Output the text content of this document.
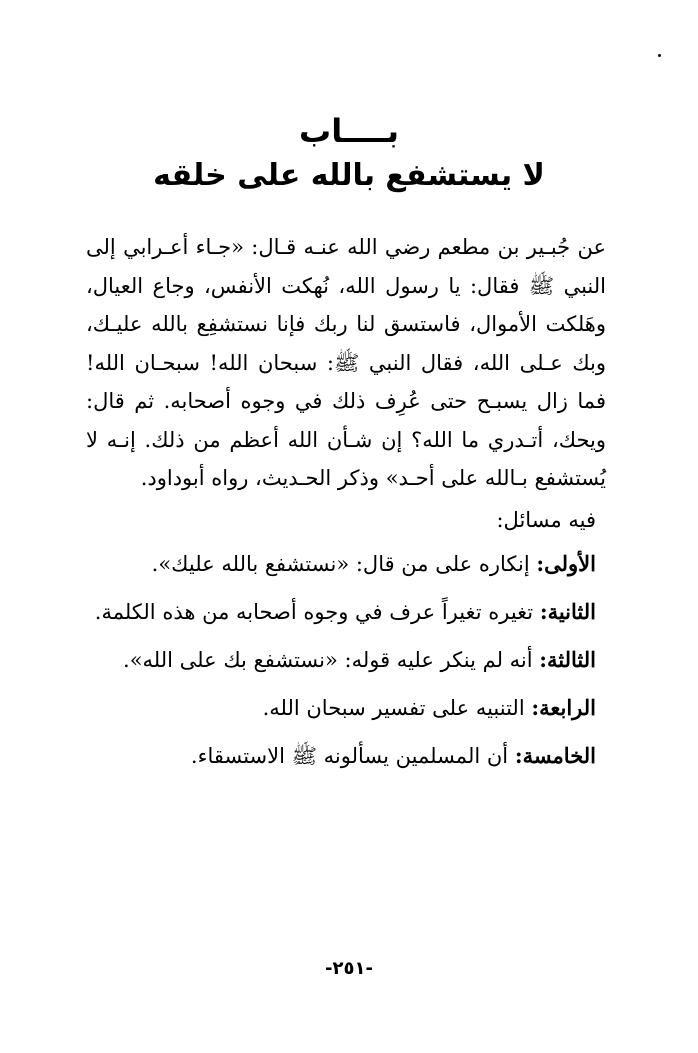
بــــاب
لا يستشفع بالله على خلقه
عن جُبـير بن مطعم رضي الله عنـه قـال: «جـاء أعـرابي إلى النبي ﷺ فقال: يا رسول الله، نُهكت الأنفس، وجاع العيال، وهَلكت الأموال، فاستسق لنا ربك فإنا نستشفِع بالله عليـك، وبك عـلى الله، فقال النبي ﷺ: سبحان الله! سبحـان الله! فما زال يسبـح حتى عُرِف ذلك في وجوه أصحابه. ثم قال: ويحك، أتـدري ما الله؟ إن شـأن الله أعظم من ذلك. إنـه لا يُستشفع بـالله على أحـد» وذكر الحـديث، رواه أبوداود.
فيه مسائل:
الأولى: إنكاره على من قال: «نستشفع بالله عليك».
الثانية: تغيره تغيراً عرف في وجوه أصحابه من هذه الكلمة.
الثالثة: أنه لم ينكر عليه قوله: «نستشفع بك على الله».
الرابعة: التنبيه على تفسير سبحان الله.
الخامسة: أن المسلمين يسألونه ﷺ الاستسقاء.
-٢٥١-
